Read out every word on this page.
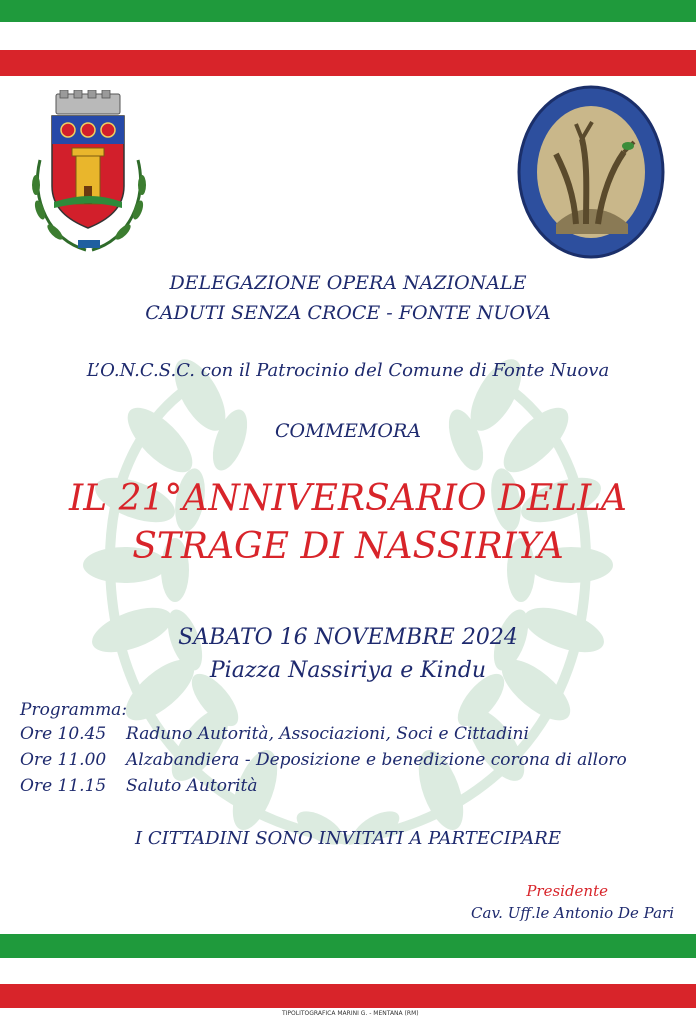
DELEGAZIONE OPERA NAZIONALE
CADUTI SENZA CROCE - FONTE NUOVA
L’O.N.C.S.C. con il Patrocinio del Comune di Fonte Nuova
COMMEMORA
IL 21°ANNIVERSARIO DELLA
STRAGE DI NASSIRIYA
SABATO 16 NOVEMBRE 2024
Piazza Nassiriya e Kindu
Programma:
Ore 10.45 Raduno Autorità, Associazioni, Soci e Cittadini
Ore 11.00 Alzabandiera - Deposizione e benedizione corona di alloro
Ore 11.15 Saluto Autorità
I CITTADINI SONO INVITATI A PARTECIPARE
Presidente
Cav. Uff.le Antonio De Pari
TIPOLITOGRAFICA MARINI G. - MENTANA (RM)
